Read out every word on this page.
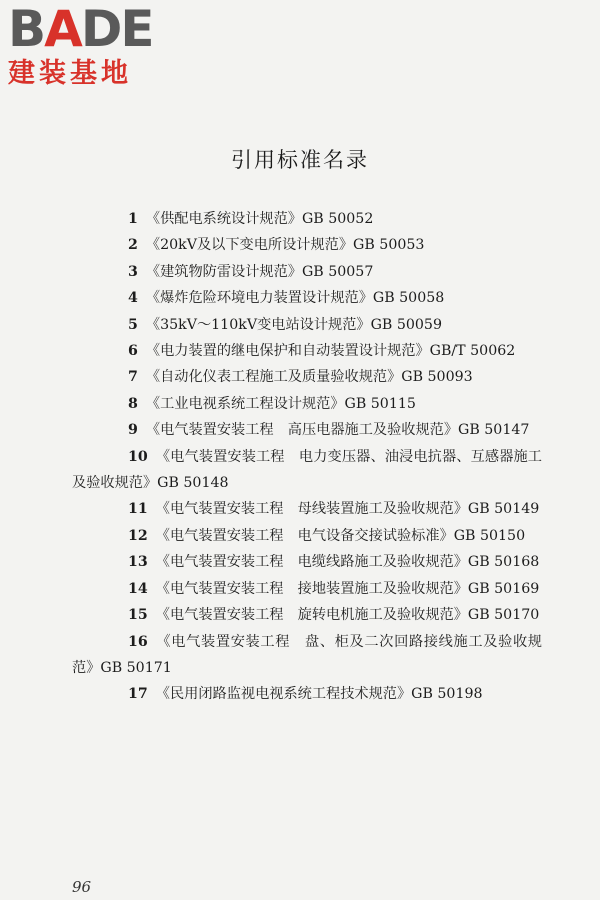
BADE
建装基地
引用标准名录
1 《供配电系统设计规范》GB 50052
2 《20kV及以下变电所设计规范》GB 50053
3 《建筑物防雷设计规范》GB 50057
4 《爆炸危险环境电力装置设计规范》GB 50058
5 《35kV～110kV变电站设计规范》GB 50059
6 《电力装置的继电保护和自动装置设计规范》GB/T 50062
7 《自动化仪表工程施工及质量验收规范》GB 50093
8 《工业电视系统工程设计规范》GB 50115
9 《电气装置安装工程　高压电器施工及验收规范》GB 50147
10 《电气装置安装工程　电力变压器、油浸电抗器、互感器施工及验收规范》GB 50148
11 《电气装置安装工程　母线装置施工及验收规范》GB 50149
12 《电气装置安装工程　电气设备交接试验标准》GB 50150
13 《电气装置安装工程　电缆线路施工及验收规范》GB 50168
14 《电气装置安装工程　接地装置施工及验收规范》GB 50169
15 《电气装置安装工程　旋转电机施工及验收规范》GB 50170
16 《电气装置安装工程　盘、柜及二次回路接线施工及验收规范》GB 50171
17 《民用闭路监视电视系统工程技术规范》GB 50198
96
